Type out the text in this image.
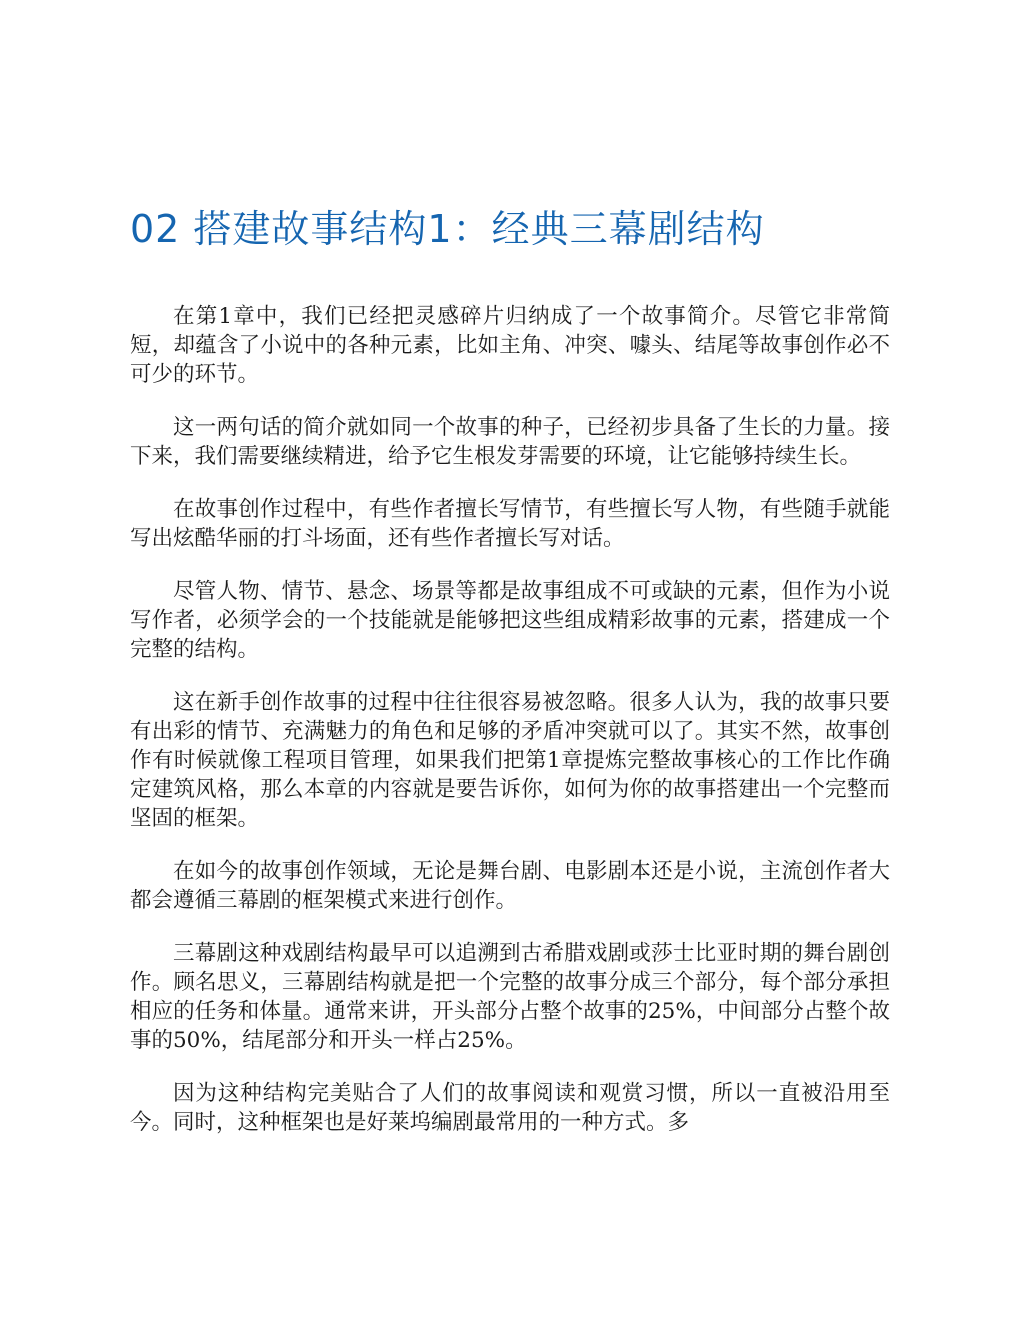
02 搭建故事结构1：经典三幕剧结构

在第1章中，我们已经把灵感碎片归纳成了一个故事简介。尽管它非常简短，却蕴含了小说中的各种元素，比如主角、冲突、噱头、结尾等故事创作必不可少的环节。

这一两句话的简介就如同一个故事的种子，已经初步具备了生长的力量。接下来，我们需要继续精进，给予它生根发芽需要的环境，让它能够持续生长。

在故事创作过程中，有些作者擅长写情节，有些擅长写人物，有些随手就能写出炫酷华丽的打斗场面，还有些作者擅长写对话。

尽管人物、情节、悬念、场景等都是故事组成不可或缺的元素，但作为小说写作者，必须学会的一个技能就是能够把这些组成精彩故事的元素，搭建成一个完整的结构。

这在新手创作故事的过程中往往很容易被忽略。很多人认为，我的故事只要有出彩的情节、充满魅力的角色和足够的矛盾冲突就可以了。其实不然，故事创作有时候就像工程项目管理，如果我们把第1章提炼完整故事核心的工作比作确定建筑风格，那么本章的内容就是要告诉你，如何为你的故事搭建出一个完整而坚固的框架。

在如今的故事创作领域，无论是舞台剧、电影剧本还是小说，主流创作者大都会遵循三幕剧的框架模式来进行创作。

三幕剧这种戏剧结构最早可以追溯到古希腊戏剧或莎士比亚时期的舞台剧创作。顾名思义，三幕剧结构就是把一个完整的故事分成三个部分，每个部分承担相应的任务和体量。通常来讲，开头部分占整个故事的25%，中间部分占整个故事的50%，结尾部分和开头一样占25%。

因为这种结构完美贴合了人们的故事阅读和观赏习惯，所以一直被沿用至今。同时，这种框架也是好莱坞编剧最常用的一种方式。多
